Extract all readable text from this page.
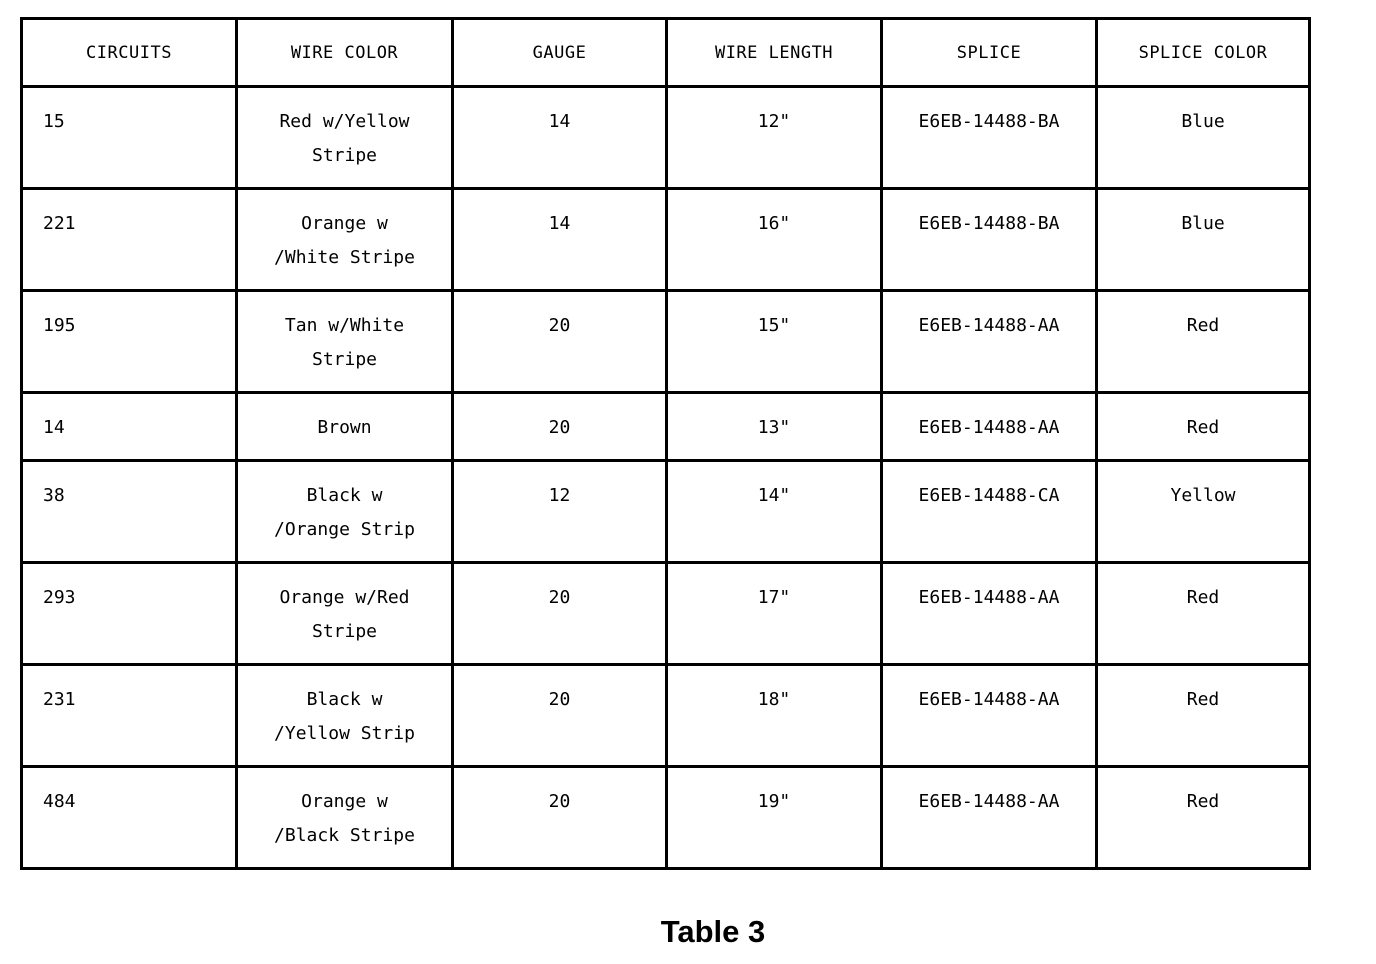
CIRCUITS	WIRE COLOR	GAUGE	WIRE LENGTH	SPLICE	SPLICE COLOR
15	Red w/Yellow
Stripe	14	12"	E6EB-14488-BA	Blue
221	Orange w
/White Stripe	14	16"	E6EB-14488-BA	Blue
195	Tan w/White
Stripe	20	15"	E6EB-14488-AA	Red
14	Brown	20	13"	E6EB-14488-AA	Red
38	Black w
/Orange Strip	12	14"	E6EB-14488-CA	Yellow
293	Orange w/Red
Stripe	20	17"	E6EB-14488-AA	Red
231	Black w
/Yellow Strip	20	18"	E6EB-14488-AA	Red
484	Orange w
/Black Stripe	20	19"	E6EB-14488-AA	Red
Table 3
